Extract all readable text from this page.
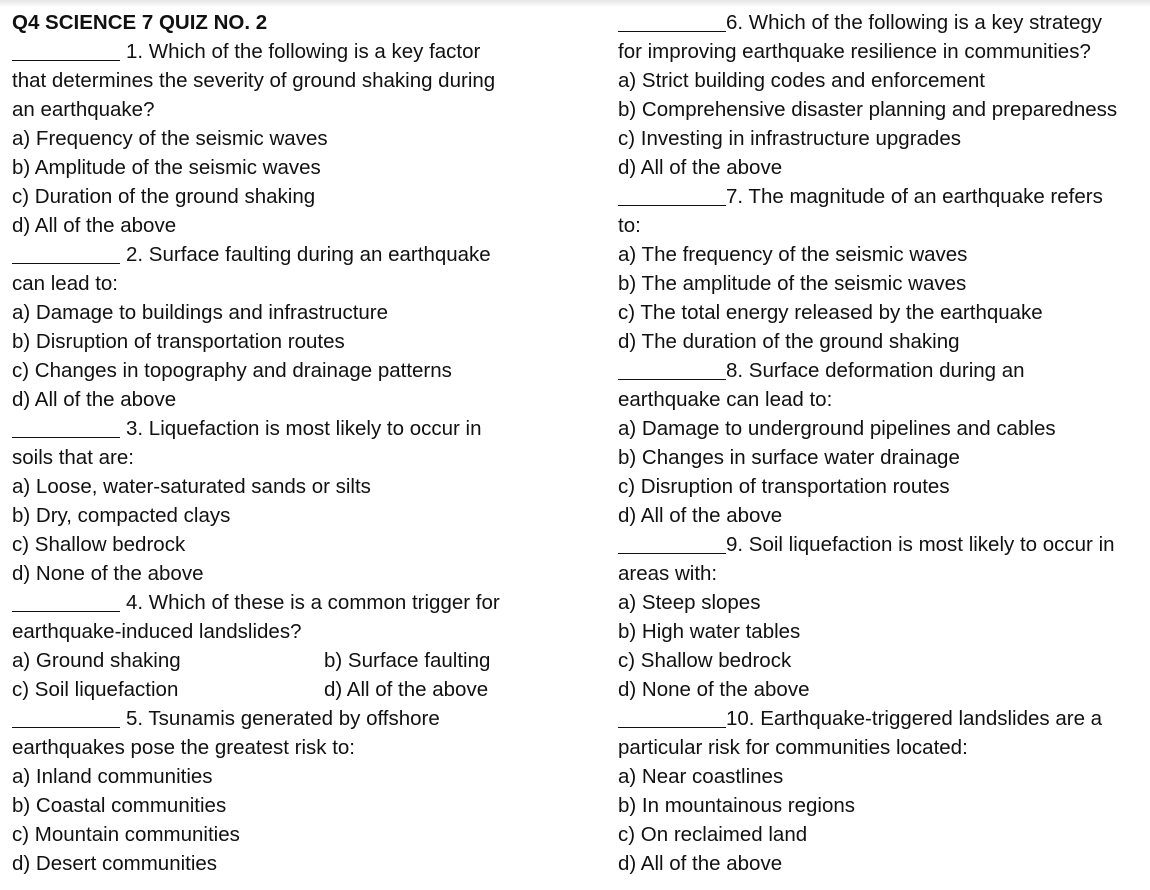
Q4 SCIENCE 7 QUIZ NO. 2
1. Which of the following is a key factor
that determines the severity of ground shaking during
an earthquake?
a) Frequency of the seismic waves
b) Amplitude of the seismic waves
c) Duration of the ground shaking
d) All of the above
2. Surface faulting during an earthquake
can lead to:
a) Damage to buildings and infrastructure
b) Disruption of transportation routes
c) Changes in topography and drainage patterns
d) All of the above
3. Liquefaction is most likely to occur in
soils that are:
a) Loose, water-saturated sands or silts
b) Dry, compacted clays
c) Shallow bedrock
d) None of the above
4. Which of these is a common trigger for
earthquake-induced landslides?
a) Ground shaking	b) Surface faulting
c) Soil liquefaction	d) All of the above
5. Tsunamis generated by offshore
earthquakes pose the greatest risk to:
a) Inland communities
b) Coastal communities
c) Mountain communities
d) Desert communities
6. Which of the following is a key strategy
for improving earthquake resilience in communities?
a) Strict building codes and enforcement
b) Comprehensive disaster planning and preparedness
c) Investing in infrastructure upgrades
d) All of the above
7. The magnitude of an earthquake refers
to:
a) The frequency of the seismic waves
b) The amplitude of the seismic waves
c) The total energy released by the earthquake
d) The duration of the ground shaking
8. Surface deformation during an
earthquake can lead to:
a) Damage to underground pipelines and cables
b) Changes in surface water drainage
c) Disruption of transportation routes
d) All of the above
9. Soil liquefaction is most likely to occur in
areas with:
a) Steep slopes
b) High water tables
c) Shallow bedrock
d) None of the above
10. Earthquake-triggered landslides are a
particular risk for communities located:
a) Near coastlines
b) In mountainous regions
c) On reclaimed land
d) All of the above
